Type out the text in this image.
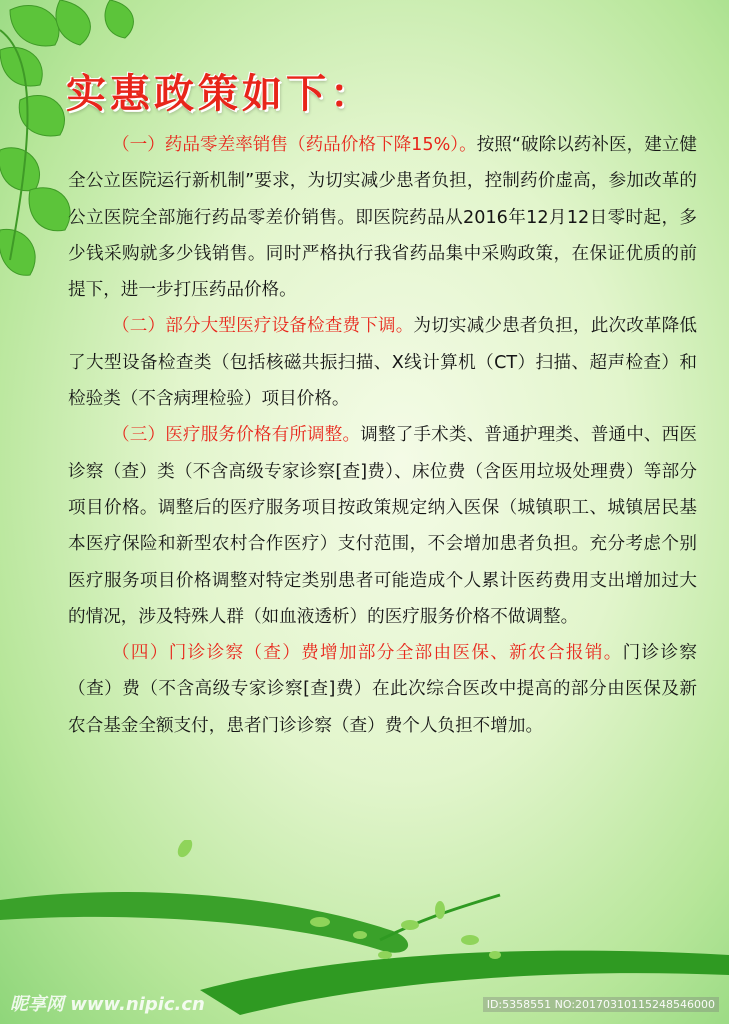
实惠政策如下：

（一）药品零差率销售（药品价格下降15%）。按照“破除以药补医，建立健全公立医院运行新机制”要求，为切实减少患者负担，控制药价虚高，参加改革的公立医院全部施行药品零差价销售。即医院药品从2016年12月12日零时起，多少钱采购就多少钱销售。同时严格执行我省药品集中采购政策，在保证优质的前提下，进一步打压药品价格。

（二）部分大型医疗设备检查费下调。为切实减少患者负担，此次改革降低了大型设备检查类（包括核磁共振扫描、X线计算机（CT）扫描、超声检查）和检验类（不含病理检验）项目价格。

（三）医疗服务价格有所调整。调整了手术类、普通护理类、普通中、西医诊察（查）类（不含高级专家诊察[查]费）、床位费（含医用垃圾处理费）等部分项目价格。调整后的医疗服务项目按政策规定纳入医保（城镇职工、城镇居民基本医疗保险和新型农村合作医疗）支付范围，不会增加患者负担。充分考虑个别医疗服务项目价格调整对特定类别患者可能造成个人累计医药费用支出增加过大的情况，涉及特殊人群（如血液透析）的医疗服务价格不做调整。

（四）门诊诊察（查）费增加部分全部由医保、新农合报销。门诊诊察（查）费（不含高级专家诊察[查]费）在此次综合医改中提高的部分由医保及新农合基金全额支付，患者门诊诊察（查）费个人负担不增加。

昵享网 www.nipic.cn	ID:5358551 NO:20170310115248546000
